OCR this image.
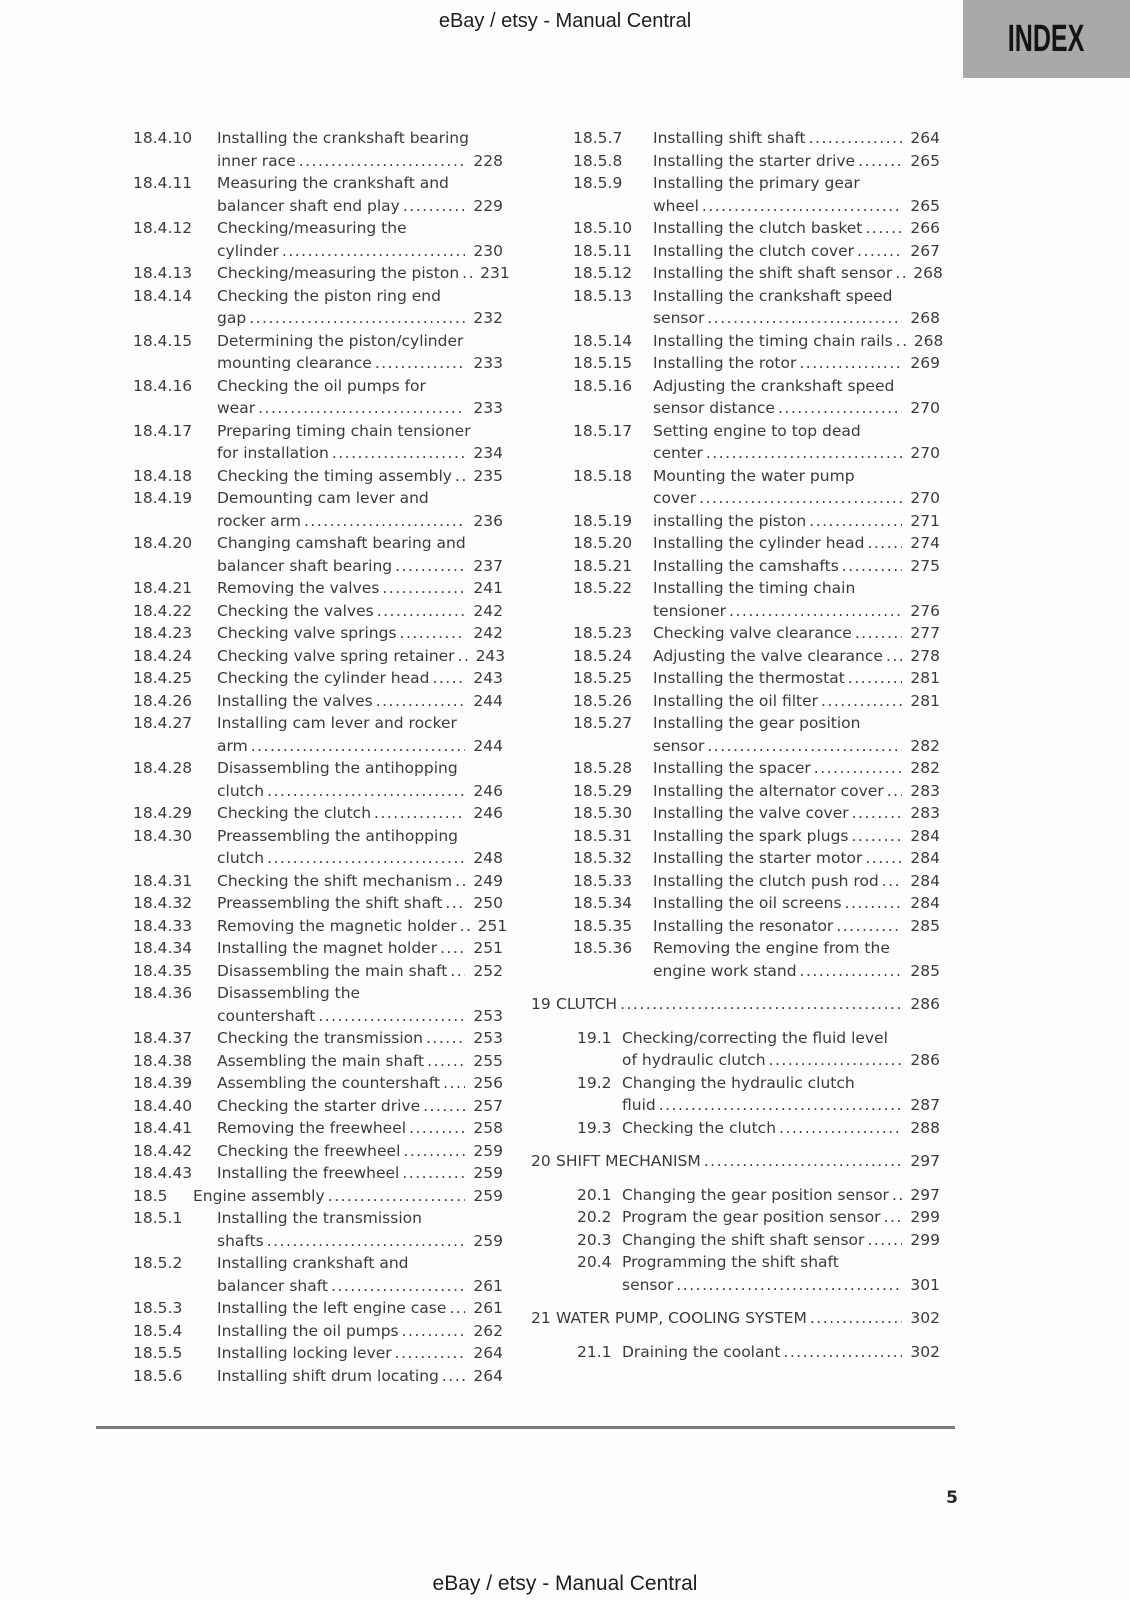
eBay / etsy - Manual Central	INDEX
18.4.10	Installing the crankshaft bearing
inner race .....	228
18.4.11	Measuring the crankshaft and
balancer shaft end play .....	229
18.4.12	Checking/measuring the
cylinder .....	230
18.4.13	Checking/measuring the piston ..... 231
18.4.14	Checking the piston ring end
gap .....	232
18.4.15	Determining the piston/cylinder
mounting clearance .....	233
18.4.16	Checking the oil pumps for
wear .....	233
18.4.17	Preparing timing chain tensioner
for installation .....	234
18.4.18	Checking the timing assembly ..... 235
18.4.19	Demounting cam lever and
rocker arm .....	236
18.4.20	Changing camshaft bearing and
balancer shaft bearing .....	237
18.4.21	Removing the valves .....	241
18.4.22	Checking the valves .....	242
18.4.23	Checking valve springs .....	242
18.4.24	Checking valve spring retainer ..... 243
18.4.25	Checking the cylinder head .....	243
18.4.26	Installing the valves .....	244
18.4.27	Installing cam lever and rocker
arm .....	244
18.4.28	Disassembling the antihopping
clutch .....	246
18.4.29	Checking the clutch .....	246
18.4.30	Preassembling the antihopping
clutch .....	248
18.4.31	Checking the shift mechanism ..... 249
18.4.32	Preassembling the shift shaft ..... 250
18.4.33	Removing the magnetic holder ..... 251
18.4.34	Installing the magnet holder ..... 251
18.4.35	Disassembling the main shaft ..... 252
18.4.36	Disassembling the
countershaft .....	253
18.4.37	Checking the transmission .....	253
18.4.38	Assembling the main shaft .....	255
18.4.39	Assembling the countershaft ..... 256
18.4.40	Checking the starter drive .....	257
18.4.41	Removing the freewheel .....	258
18.4.42	Checking the freewheel .....	259
18.4.43	Installing the freewheel .....	259
18.5	Engine assembly .....	259
18.5.1	Installing the transmission
shafts .....	259
18.5.2	Installing crankshaft and
balancer shaft .....	261
18.5.3	Installing the left engine case ..... 261
18.5.4	Installing the oil pumps .....	262
18.5.5	Installing locking lever .....	264
18.5.6	Installing shift drum locating ..... 264
18.5.7	Installing shift shaft .....	264
18.5.8	Installing the starter drive .....	265
18.5.9	Installing the primary gear
wheel .....	265
18.5.10	Installing the clutch basket .....	266
18.5.11	Installing the clutch cover .....	267
18.5.12	Installing the shift shaft sensor ..... 268
18.5.13	Installing the crankshaft speed
sensor .....	268
18.5.14	Installing the timing chain rails ..... 268
18.5.15	Installing the rotor .....	269
18.5.16	Adjusting the crankshaft speed
sensor distance .....	270
18.5.17	Setting engine to top dead
center .....	270
18.5.18	Mounting the water pump
cover .....	270
18.5.19	installing the piston .....	271
18.5.20	Installing the cylinder head .....	274
18.5.21	Installing the camshafts .....	275
18.5.22	Installing the timing chain
tensioner .....	276
18.5.23	Checking valve clearance .....	277
18.5.24	Adjusting the valve clearance ..... 278
18.5.25	Installing the thermostat .....	281
18.5.26	Installing the oil filter .....	281
18.5.27	Installing the gear position
sensor .....	282
18.5.28	Installing the spacer .....	282
18.5.29	Installing the alternator cover ..... 283
18.5.30	Installing the valve cover .....	283
18.5.31	Installing the spark plugs .....	284
18.5.32	Installing the starter motor .....	284
18.5.33	Installing the clutch push rod ..... 284
18.5.34	Installing the oil screens .....	284
18.5.35	Installing the resonator .....	285
18.5.36	Removing the engine from the
engine work stand .....	285
19 CLUTCH .....	286
19.1 Checking/correcting the fluid level
of hydraulic clutch .....	286
19.2 Changing the hydraulic clutch
fluid .....	287
19.3 Checking the clutch .....	288
20 SHIFT MECHANISM .....	297
20.1 Changing the gear position sensor ..... 297
20.2 Program the gear position sensor ..... 299
20.3 Changing the shift shaft sensor .....	299
20.4 Programming the shift shaft
sensor .....	301
21 WATER PUMP, COOLING SYSTEM .....	302
21.1 Draining the coolant .....	302
5
eBay / etsy - Manual Central
